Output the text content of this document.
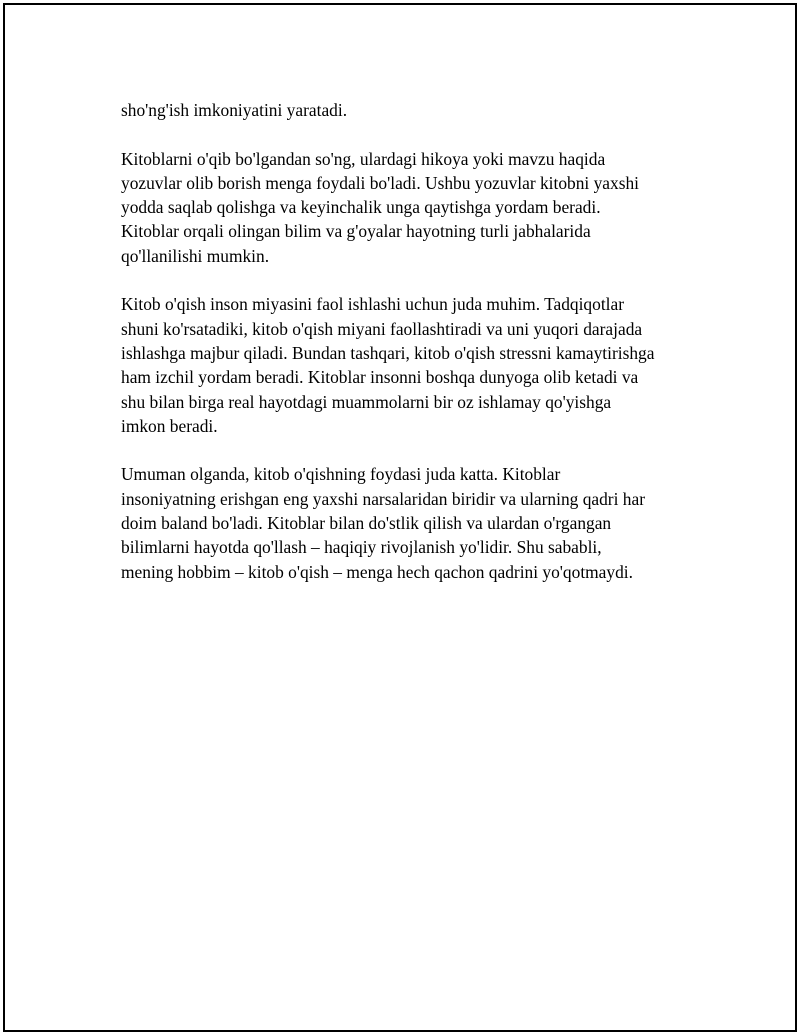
sho'ng'ish imkoniyatini yaratadi.

Kitoblarni o'qib bo'lgandan so'ng, ulardagi hikoya yoki mavzu haqida
yozuvlar olib borish menga foydali bo'ladi. Ushbu yozuvlar kitobni yaxshi
yodda saqlab qolishga va keyinchalik unga qaytishga yordam beradi.
Kitoblar orqali olingan bilim va g'oyalar hayotning turli jabhalarida
qo'llanilishi mumkin.

Kitob o'qish inson miyasini faol ishlashi uchun juda muhim. Tadqiqotlar
shuni ko'rsatadiki, kitob o'qish miyani faollashtiradi va uni yuqori darajada
ishlashga majbur qiladi. Bundan tashqari, kitob o'qish stressni kamaytirishga
ham izchil yordam beradi. Kitoblar insonni boshqa dunyoga olib ketadi va
shu bilan birga real hayotdagi muammolarni bir oz ishlamay qo'yishga
imkon beradi.

Umuman olganda, kitob o'qishning foydasi juda katta. Kitoblar
insoniyatning erishgan eng yaxshi narsalaridan biridir va ularning qadri har
doim baland bo'ladi. Kitoblar bilan do'stlik qilish va ulardan o'rgangan
bilimlarni hayotda qo'llash – haqiqiy rivojlanish yo'lidir. Shu sababli,
mening hobbim – kitob o'qish – menga hech qachon qadrini yo'qotmaydi.
